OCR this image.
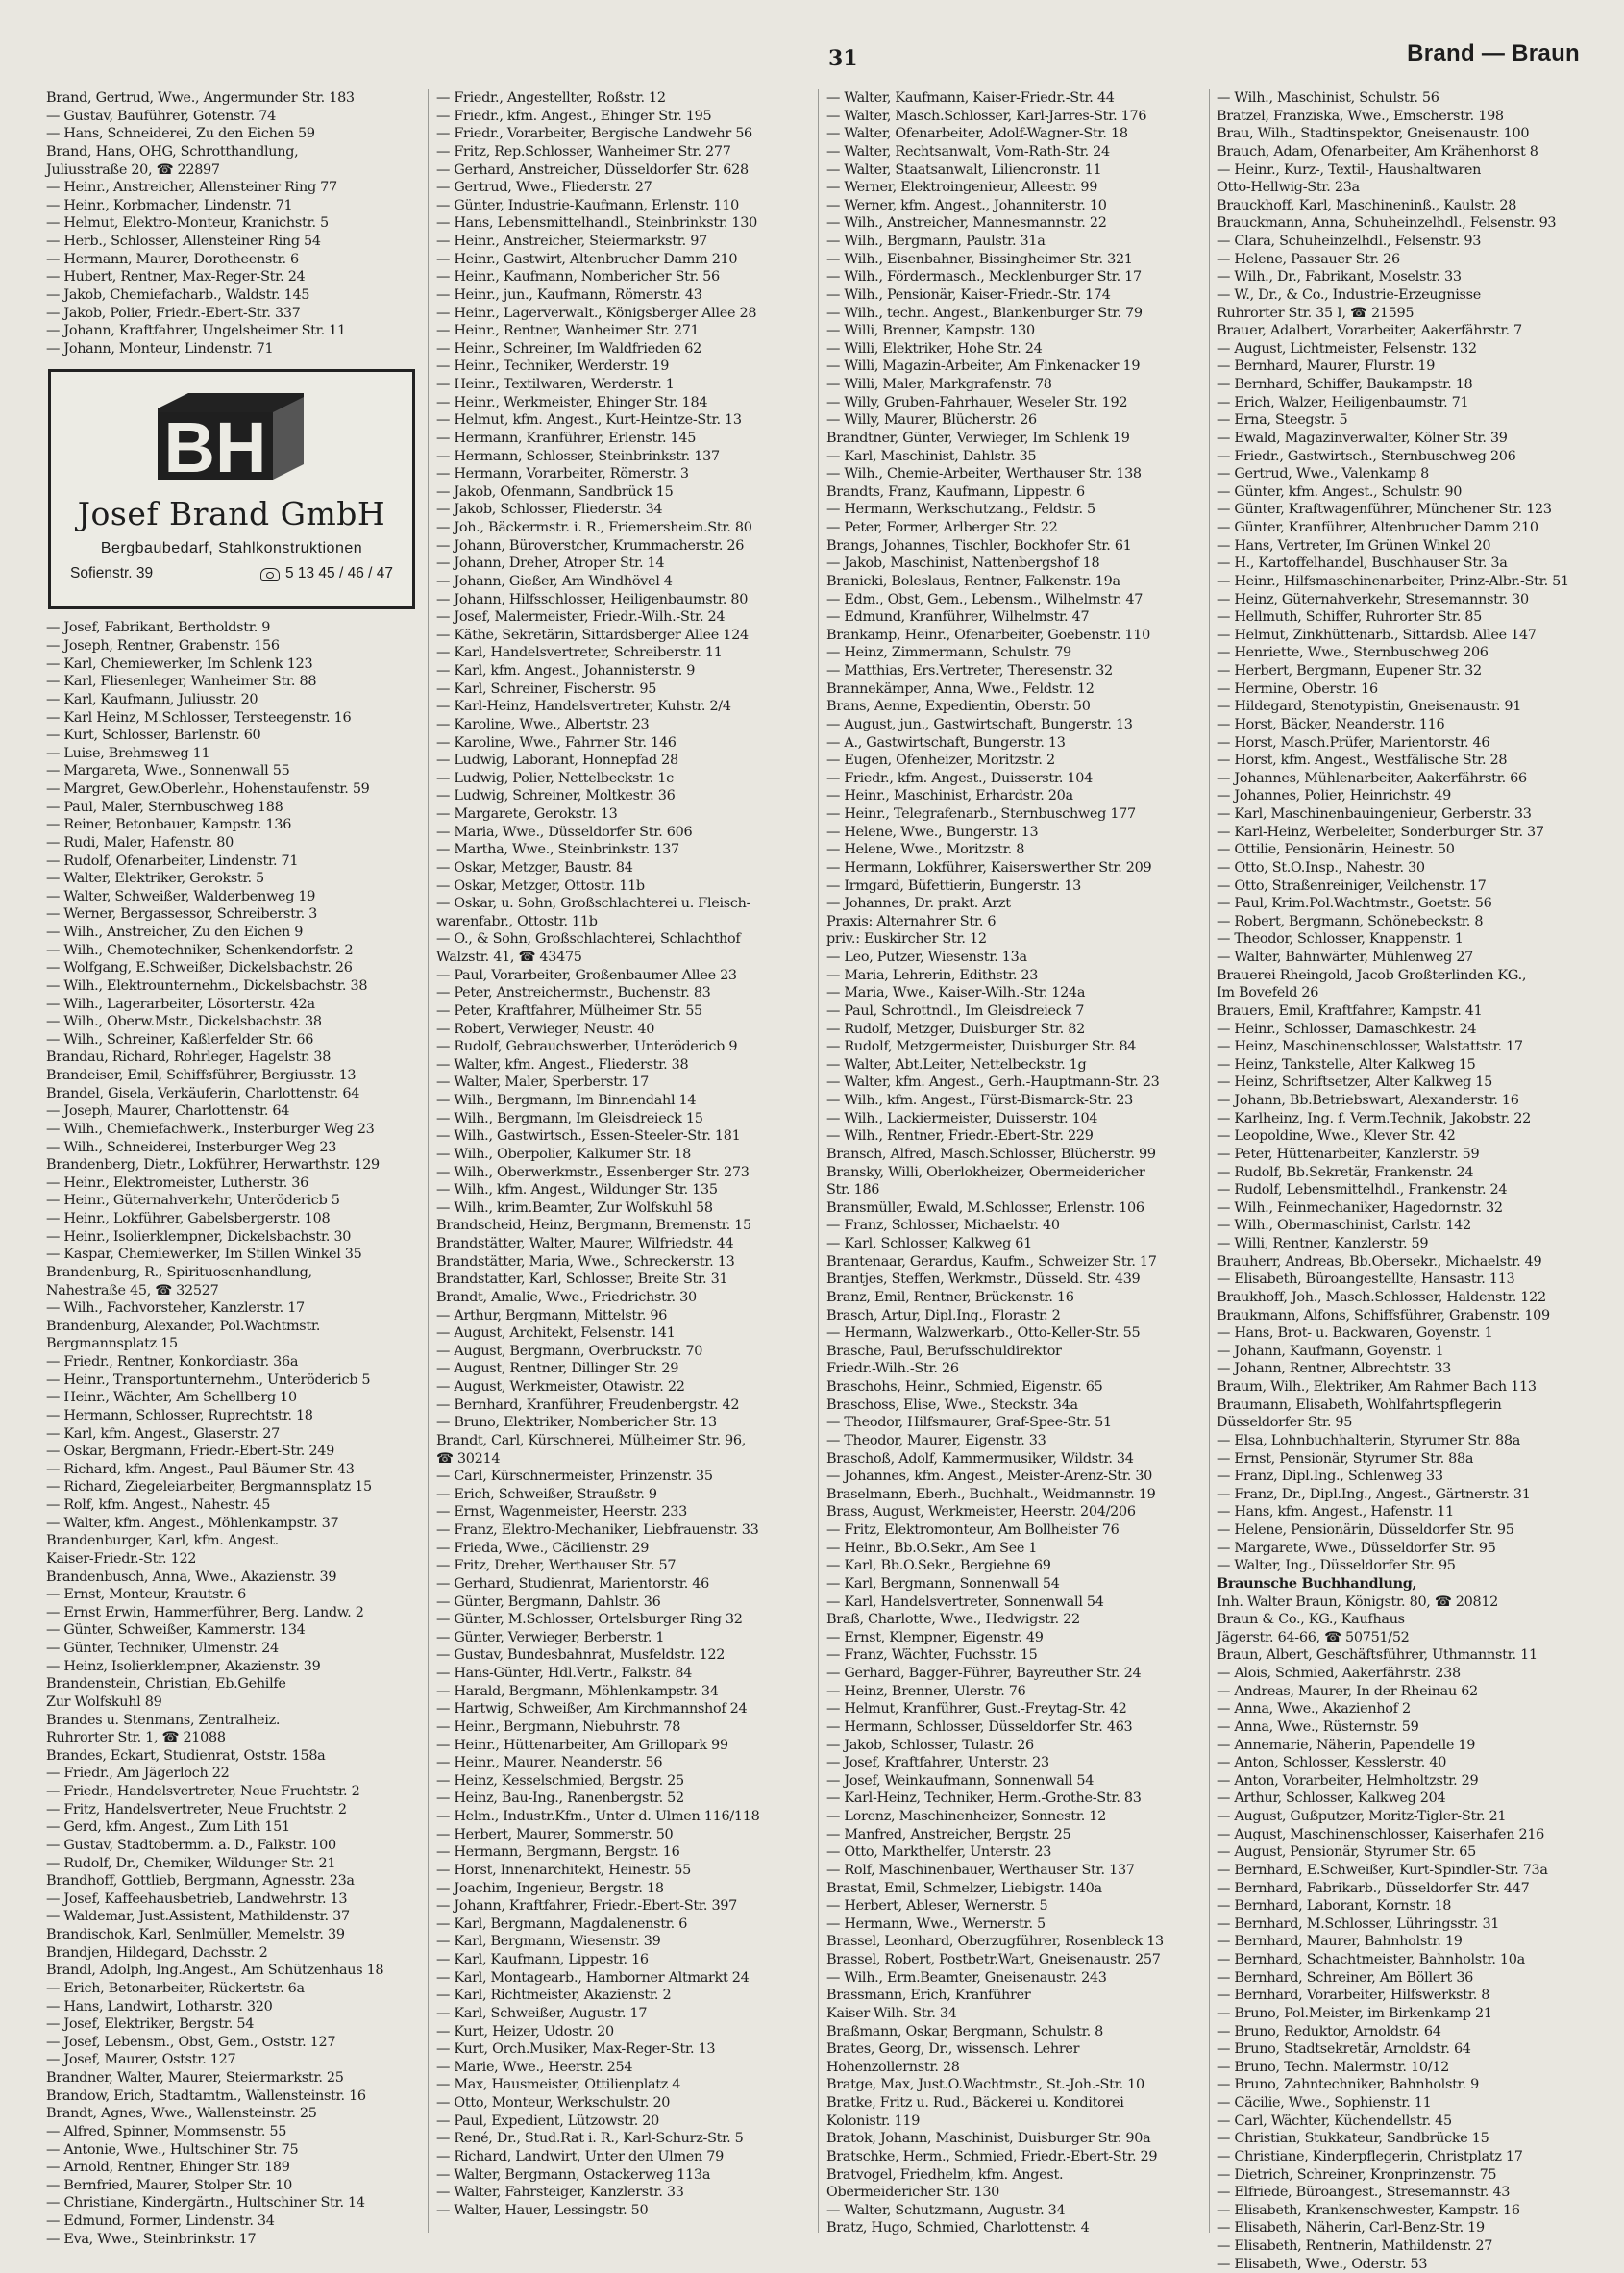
31	Brand — Braun
Brand, Gertrud, Wwe., Angermunder Str. 183
— Gustav, Bauführer, Gotenstr. 74
— Hans, Schneiderei, Zu den Eichen 59
Brand, Hans, OHG, Schrotthandlung,
Juliusstraße 20, ☎ 22897
— Heinr., Anstreicher, Allensteiner Ring 77
— Heinr., Korbmacher, Lindenstr. 71
— Helmut, Elektro-Monteur, Kranichstr. 5
— Herb., Schlosser, Allensteiner Ring 54
— Hermann, Maurer, Dorotheenstr. 6
— Hubert, Rentner, Max-Reger-Str. 24
— Jakob, Chemiefacharb., Waldstr. 145
— Jakob, Polier, Friedr.-Ebert-Str. 337
— Johann, Kraftfahrer, Ungelsheimer Str. 11
— Johann, Monteur, Lindenstr. 71
BH
Josef Brand GmbH
Bergbaubedarf, Stahlkonstruktionen
Sofienstr. 39	5 13 45 / 46 / 47
— Josef, Fabrikant, Bertholdstr. 9
— Joseph, Rentner, Grabenstr. 156
— Karl, Chemiewerker, Im Schlenk 123
— Karl, Fliesenleger, Wanheimer Str. 88
— Karl, Kaufmann, Juliusstr. 20
— Karl Heinz, M.Schlosser, Tersteegenstr. 16
— Kurt, Schlosser, Barlenstr. 60
— Luise, Brehmsweg 11
— Margareta, Wwe., Sonnenwall 55
— Margret, Gew.Oberlehr., Hohenstaufenstr. 59
— Paul, Maler, Sternbuschweg 188
— Reiner, Betonbauer, Kampstr. 136
— Rudi, Maler, Hafenstr. 80
— Rudolf, Ofenarbeiter, Lindenstr. 71
— Walter, Elektriker, Gerokstr. 5
— Walter, Schweißer, Walderbenweg 19
— Werner, Bergassessor, Schreiberstr. 3
— Wilh., Anstreicher, Zu den Eichen 9
— Wilh., Chemotechniker, Schenkendorfstr. 2
— Wolfgang, E.Schweißer, Dickelsbachstr. 26
— Wilh., Elektrounternehm., Dickelsbachstr. 38
— Wilh., Lagerarbeiter, Lösorterstr. 42a
— Wilh., Oberw.Mstr., Dickelsbachstr. 38
— Wilh., Schreiner, Kaßlerfelder Str. 66
Brandau, Richard, Rohrleger, Hagelstr. 38
Brandeiser, Emil, Schiffsführer, Bergiusstr. 13
Brandel, Gisela, Verkäuferin, Charlottenstr. 64
— Joseph, Maurer, Charlottenstr. 64
— Wilh., Chemiefachwerk., Insterburger Weg 23
— Wilh., Schneiderei, Insterburger Weg 23
Brandenberg, Dietr., Lokführer, Herwarthstr. 129
— Heinr., Elektromeister, Lutherstr. 36
— Heinr., Güternahverkehr, Unterödericb 5
— Heinr., Lokführer, Gabelsbergerstr. 108
— Heinr., Isolierklempner, Dickelsbachstr. 30
— Kaspar, Chemiewerker, Im Stillen Winkel 35
Brandenburg, R., Spirituosenhandlung,
Nahestraße 45, ☎ 32527
— Wilh., Fachvorsteher, Kanzlerstr. 17
Brandenburg, Alexander, Pol.Wachtmstr.
Bergmannsplatz 15
— Friedr., Rentner, Konkordiastr. 36a
— Heinr., Transportunternehm., Unterödericb 5
— Heinr., Wächter, Am Schellberg 10
— Hermann, Schlosser, Ruprechtstr. 18
— Karl, kfm. Angest., Glaserstr. 27
— Oskar, Bergmann, Friedr.-Ebert-Str. 249
— Richard, kfm. Angest., Paul-Bäumer-Str. 43
— Richard, Ziegeleiarbeiter, Bergmannsplatz 15
— Rolf, kfm. Angest., Nahestr. 45
— Walter, kfm. Angest., Möhlenkampstr. 37
Brandenburger, Karl, kfm. Angest.
Kaiser-Friedr.-Str. 122
Brandenbusch, Anna, Wwe., Akazienstr. 39
— Ernst, Monteur, Krautstr. 6
— Ernst Erwin, Hammerführer, Berg. Landw. 2
— Günter, Schweißer, Kammerstr. 134
— Günter, Techniker, Ulmenstr. 24
— Heinz, Isolierklempner, Akazienstr. 39
Brandenstein, Christian, Eb.Gehilfe
Zur Wolfskuhl 89
Brandes u. Stenmans, Zentralheiz.
Ruhrorter Str. 1, ☎ 21088
Brandes, Eckart, Studienrat, Oststr. 158a
— Friedr., Am Jägerloch 22
— Friedr., Handelsvertreter, Neue Fruchtstr. 2
— Fritz, Handelsvertreter, Neue Fruchtstr. 2
— Gerd, kfm. Angest., Zum Lith 151
— Gustav, Stadtobermm. a. D., Falkstr. 100
— Rudolf, Dr., Chemiker, Wildunger Str. 21
Brandhoff, Gottlieb, Bergmann, Agnesstr. 23a
— Josef, Kaffeehausbetrieb, Landwehrstr. 13
— Waldemar, Just.Assistent, Mathildenstr. 37
Brandischok, Karl, Senlmüller, Memelstr. 39
Brandjen, Hildegard, Dachsstr. 2
Brandl, Adolph, Ing.Angest., Am Schützenhaus 18
— Erich, Betonarbeiter, Rückertstr. 6a
— Hans, Landwirt, Lotharstr. 320
— Josef, Elektriker, Bergstr. 54
— Josef, Lebensm., Obst, Gem., Oststr. 127
— Josef, Maurer, Oststr. 127
Brandner, Walter, Maurer, Steiermarkstr. 25
Brandow, Erich, Stadtamtm., Wallensteinstr. 16
Brandt, Agnes, Wwe., Wallensteinstr. 25
— Alfred, Spinner, Mommsenstr. 55
— Antonie, Wwe., Hultschiner Str. 75
— Arnold, Rentner, Ehinger Str. 189
— Bernfried, Maurer, Stolper Str. 10
— Christiane, Kindergärtn., Hultschiner Str. 14
— Edmund, Former, Lindenstr. 34
— Eva, Wwe., Steinbrinkstr. 17
— Friedr., Angestellter, Roßstr. 12
— Friedr., kfm. Angest., Ehinger Str. 195
— Friedr., Vorarbeiter, Bergische Landwehr 56
— Fritz, Rep.Schlosser, Wanheimer Str. 277
— Gerhard, Anstreicher, Düsseldorfer Str. 628
— Gertrud, Wwe., Fliederstr. 27
— Günter, Industrie-Kaufmann, Erlenstr. 110
— Hans, Lebensmittelhandl., Steinbrinkstr. 130
— Heinr., Anstreicher, Steiermarkstr. 97
— Heinr., Gastwirt, Altenbrucher Damm 210
— Heinr., Kaufmann, Nombericher Str. 56
— Heinr., jun., Kaufmann, Römerstr. 43
— Heinr., Lagerverwalt., Königsberger Allee 28
— Heinr., Rentner, Wanheimer Str. 271
— Heinr., Schreiner, Im Waldfrieden 62
— Heinr., Techniker, Werderstr. 19
— Heinr., Textilwaren, Werderstr. 1
— Heinr., Werkmeister, Ehinger Str. 184
— Helmut, kfm. Angest., Kurt-Heintze-Str. 13
— Hermann, Kranführer, Erlenstr. 145
— Hermann, Schlosser, Steinbrinkstr. 137
— Hermann, Vorarbeiter, Römerstr. 3
— Jakob, Ofenmann, Sandbrück 15
— Jakob, Schlosser, Fliederstr. 34
— Joh., Bäckermstr. i. R., Friemersheim.Str. 80
— Johann, Büroverstcher, Krummacherstr. 26
— Johann, Dreher, Atroper Str. 14
— Johann, Gießer, Am Windhövel 4
— Johann, Hilfsschlosser, Heiligenbaumstr. 80
— Josef, Malermeister, Friedr.-Wilh.-Str. 24
— Käthe, Sekretärin, Sittardsberger Allee 124
— Karl, Handelsvertreter, Schreiberstr. 11
— Karl, kfm. Angest., Johannisterstr. 9
— Karl, Schreiner, Fischerstr. 95
— Karl-Heinz, Handelsvertreter, Kuhstr. 2/4
— Karoline, Wwe., Albertstr. 23
— Karoline, Wwe., Fahrner Str. 146
— Ludwig, Laborant, Honnepfad 28
— Ludwig, Polier, Nettelbeckstr. 1c
— Ludwig, Schreiner, Moltkestr. 36
— Margarete, Gerokstr. 13
— Maria, Wwe., Düsseldorfer Str. 606
— Martha, Wwe., Steinbrinkstr. 137
— Oskar, Metzger, Baustr. 84
— Oskar, Metzger, Ottostr. 11b
— Oskar, u. Sohn, Großschlachterei u. Fleisch-
warenfabr., Ottostr. 11b
— O., & Sohn, Großschlachterei, Schlachthof
Walzstr. 41, ☎ 43475
— Paul, Vorarbeiter, Großenbaumer Allee 23
— Peter, Anstreichermstr., Buchenstr. 83
— Peter, Kraftfahrer, Mülheimer Str. 55
— Robert, Verwieger, Neustr. 40
— Rudolf, Gebrauchswerber, Unterödericb 9
— Walter, kfm. Angest., Fliederstr. 38
— Walter, Maler, Sperberstr. 17
— Wilh., Bergmann, Im Binnendahl 14
— Wilh., Bergmann, Im Gleisdreieck 15
— Wilh., Gastwirtsch., Essen-Steeler-Str. 181
— Wilh., Oberpolier, Kalkumer Str. 18
— Wilh., Oberwerkmstr., Essenberger Str. 273
— Wilh., kfm. Angest., Wildunger Str. 135
— Wilh., krim.Beamter, Zur Wolfskuhl 58
Brandscheid, Heinz, Bergmann, Bremenstr. 15
Brandstätter, Walter, Maurer, Wilfriedstr. 44
Brandstätter, Maria, Wwe., Schreckerstr. 13
Brandstatter, Karl, Schlosser, Breite Str. 31
Brandt, Amalie, Wwe., Friedrichstr. 30
— Arthur, Bergmann, Mittelstr. 96
— August, Architekt, Felsenstr. 141
— August, Bergmann, Overbruckstr. 70
— August, Rentner, Dillinger Str. 29
— August, Werkmeister, Otawistr. 22
— Bernhard, Kranführer, Freudenbergstr. 42
— Bruno, Elektriker, Nombericher Str. 13
Brandt, Carl, Kürschnerei, Mülheimer Str. 96,
☎ 30214
— Carl, Kürschnermeister, Prinzenstr. 35
— Erich, Schweißer, Straußstr. 9
— Ernst, Wagenmeister, Heerstr. 233
— Franz, Elektro-Mechaniker, Liebfrauenstr. 33
— Frieda, Wwe., Cäcilienstr. 29
— Fritz, Dreher, Werthauser Str. 57
— Gerhard, Studienrat, Marientorstr. 46
— Günter, Bergmann, Dahlstr. 36
— Günter, M.Schlosser, Ortelsburger Ring 32
— Günter, Verwieger, Berberstr. 1
— Gustav, Bundesbahnrat, Musfeldstr. 122
— Hans-Günter, Hdl.Vertr., Falkstr. 84
— Harald, Bergmann, Möhlenkampstr. 34
— Hartwig, Schweißer, Am Kirchmannshof 24
— Heinr., Bergmann, Niebuhrstr. 78
— Heinr., Hüttenarbeiter, Am Grillopark 99
— Heinr., Maurer, Neanderstr. 56
— Heinz, Kesselschmied, Bergstr. 25
— Heinz, Bau-Ing., Ranenbergstr. 52
— Helm., Industr.Kfm., Unter d. Ulmen 116/118
— Herbert, Maurer, Sommerstr. 50
— Hermann, Bergmann, Bergstr. 16
— Horst, Innenarchitekt, Heinestr. 55
— Joachim, Ingenieur, Bergstr. 18
— Johann, Kraftfahrer, Friedr.-Ebert-Str. 397
— Karl, Bergmann, Magdalenenstr. 6
— Karl, Bergmann, Wiesenstr. 39
— Karl, Kaufmann, Lippestr. 16
— Karl, Montagearb., Hamborner Altmarkt 24
— Karl, Richtmeister, Akazienstr. 2
— Karl, Schweißer, Augustr. 17
— Kurt, Heizer, Udostr. 20
— Kurt, Orch.Musiker, Max-Reger-Str. 13
— Marie, Wwe., Heerstr. 254
— Max, Hausmeister, Ottilienplatz 4
— Otto, Monteur, Werkschulstr. 20
— Paul, Expedient, Lützowstr. 20
— René, Dr., Stud.Rat i. R., Karl-Schurz-Str. 5
— Richard, Landwirt, Unter den Ulmen 79
— Walter, Bergmann, Ostackerweg 113a
— Walter, Fahrsteiger, Kanzlerstr. 33
— Walter, Hauer, Lessingstr. 50
— Walter, Kaufmann, Kaiser-Friedr.-Str. 44
— Walter, Masch.Schlosser, Karl-Jarres-Str. 176
— Walter, Ofenarbeiter, Adolf-Wagner-Str. 18
— Walter, Rechtsanwalt, Vom-Rath-Str. 24
— Walter, Staatsanwalt, Liliencronstr. 11
— Werner, Elektroingenieur, Alleestr. 99
— Werner, kfm. Angest., Johanniterstr. 10
— Wilh., Anstreicher, Mannesmannstr. 22
— Wilh., Bergmann, Paulstr. 31a
— Wilh., Eisenbahner, Bissingheimer Str. 321
— Wilh., Fördermasch., Mecklenburger Str. 17
— Wilh., Pensionär, Kaiser-Friedr.-Str. 174
— Wilh., techn. Angest., Blankenburger Str. 79
— Willi, Brenner, Kampstr. 130
— Willi, Elektriker, Hohe Str. 24
— Willi, Magazin-Arbeiter, Am Finkenacker 19
— Willi, Maler, Markgrafenstr. 78
— Willy, Gruben-Fahrhauer, Weseler Str. 192
— Willy, Maurer, Blücherstr. 26
Brandtner, Günter, Verwieger, Im Schlenk 19
— Karl, Maschinist, Dahlstr. 35
— Wilh., Chemie-Arbeiter, Werthauser Str. 138
Brandts, Franz, Kaufmann, Lippestr. 6
— Hermann, Werkschutzang., Feldstr. 5
— Peter, Former, Arlberger Str. 22
Brangs, Johannes, Tischler, Bockhofer Str. 61
— Jakob, Maschinist, Nattenbergshof 18
Branicki, Boleslaus, Rentner, Falkenstr. 19a
— Edm., Obst, Gem., Lebensm., Wilhelmstr. 47
— Edmund, Kranführer, Wilhelmstr. 47
Brankamp, Heinr., Ofenarbeiter, Goebenstr. 110
— Heinz, Zimmermann, Schulstr. 79
— Matthias, Ers.Vertreter, Theresenstr. 32
Brannekämper, Anna, Wwe., Feldstr. 12
Brans, Aenne, Expedientin, Oberstr. 50
— August, jun., Gastwirtschaft, Bungerstr. 13
— A., Gastwirtschaft, Bungerstr. 13
— Eugen, Ofenheizer, Moritzstr. 2
— Friedr., kfm. Angest., Duisserstr. 104
— Heinr., Maschinist, Erhardstr. 20a
— Heinr., Telegrafenarb., Sternbuschweg 177
— Helene, Wwe., Bungerstr. 13
— Helene, Wwe., Moritzstr. 8
— Hermann, Lokführer, Kaiserswerther Str. 209
— Irmgard, Büfettierin, Bungerstr. 13
— Johannes, Dr. prakt. Arzt
Praxis: Alternahrer Str. 6
priv.: Euskircher Str. 12
— Leo, Putzer, Wiesenstr. 13a
— Maria, Lehrerin, Edithstr. 23
— Maria, Wwe., Kaiser-Wilh.-Str. 124a
— Paul, Schrottndl., Im Gleisdreieck 7
— Rudolf, Metzger, Duisburger Str. 82
— Rudolf, Metzgermeister, Duisburger Str. 84
— Walter, Abt.Leiter, Nettelbeckstr. 1g
— Walter, kfm. Angest., Gerh.-Hauptmann-Str. 23
— Wilh., kfm. Angest., Fürst-Bismarck-Str. 23
— Wilh., Lackiermeister, Duisserstr. 104
— Wilh., Rentner, Friedr.-Ebert-Str. 229
Bransch, Alfred, Masch.Schlosser, Blücherstr. 99
Bransky, Willi, Oberlokheizer, Obermeidericher
Str. 186
Bransmüller, Ewald, M.Schlosser, Erlenstr. 106
— Franz, Schlosser, Michaelstr. 40
— Karl, Schlosser, Kalkweg 61
Brantenaar, Gerardus, Kaufm., Schweizer Str. 17
Brantjes, Steffen, Werkmstr., Düsseld. Str. 439
Branz, Emil, Rentner, Brückenstr. 16
Brasch, Artur, Dipl.Ing., Florastr. 2
— Hermann, Walzwerkarb., Otto-Keller-Str. 55
Brasche, Paul, Berufsschuldirektor
Friedr.-Wilh.-Str. 26
Braschohs, Heinr., Schmied, Eigenstr. 65
Braschoss, Elise, Wwe., Steckstr. 34a
— Theodor, Hilfsmaurer, Graf-Spee-Str. 51
— Theodor, Maurer, Eigenstr. 33
Braschoß, Adolf, Kammermusiker, Wildstr. 34
— Johannes, kfm. Angest., Meister-Arenz-Str. 30
Braselmann, Eberh., Buchhalt., Weidmannstr. 19
Brass, August, Werkmeister, Heerstr. 204/206
— Fritz, Elektromonteur, Am Bollheister 76
— Heinr., Bb.O.Sekr., Am See 1
— Karl, Bb.O.Sekr., Bergiehne 69
— Karl, Bergmann, Sonnenwall 54
— Karl, Handelsvertreter, Sonnenwall 54
Braß, Charlotte, Wwe., Hedwigstr. 22
— Ernst, Klempner, Eigenstr. 49
— Franz, Wächter, Fuchsstr. 15
— Gerhard, Bagger-Führer, Bayreuther Str. 24
— Heinz, Brenner, Ulerstr. 76
— Helmut, Kranführer, Gust.-Freytag-Str. 42
— Hermann, Schlosser, Düsseldorfer Str. 463
— Jakob, Schlosser, Tulastr. 26
— Josef, Kraftfahrer, Unterstr. 23
— Josef, Weinkaufmann, Sonnenwall 54
— Karl-Heinz, Techniker, Herm.-Grothe-Str. 83
— Lorenz, Maschinenheizer, Sonnestr. 12
— Manfred, Anstreicher, Bergstr. 25
— Otto, Markthelfer, Unterstr. 23
— Rolf, Maschinenbauer, Werthauser Str. 137
Brastat, Emil, Schmelzer, Liebigstr. 140a
— Herbert, Ableser, Wernerstr. 5
— Hermann, Wwe., Wernerstr. 5
Brassel, Leonhard, Oberzugführer, Rosenbleck 13
Brassel, Robert, Postbetr.Wart, Gneisenaustr. 257
— Wilh., Erm.Beamter, Gneisenaustr. 243
Brassmann, Erich, Kranführer
Kaiser-Wilh.-Str. 34
Braßmann, Oskar, Bergmann, Schulstr. 8
Brates, Georg, Dr., wissensch. Lehrer
Hohenzollernstr. 28
Bratge, Max, Just.O.Wachtmstr., St.-Joh.-Str. 10
Bratke, Fritz u. Rud., Bäckerei u. Konditorei
Kolonistr. 119
Bratok, Johann, Maschinist, Duisburger Str. 90a
Bratschke, Herm., Schmied, Friedr.-Ebert-Str. 29
Bratvogel, Friedhelm, kfm. Angest.
Obermeidericher Str. 130
— Walter, Schutzmann, Augustr. 34
Bratz, Hugo, Schmied, Charlottenstr. 4
— Wilh., Maschinist, Schulstr. 56
Bratzel, Franziska, Wwe., Emscherstr. 198
Brau, Wilh., Stadtinspektor, Gneisenaustr. 100
Brauch, Adam, Ofenarbeiter, Am Krähenhorst 8
— Heinr., Kurz-, Textil-, Haushaltwaren
Otto-Hellwig-Str. 23a
Brauckhoff, Karl, Maschineninß., Kaulstr. 28
Brauckmann, Anna, Schuheinzelhdl., Felsenstr. 93
— Clara, Schuheinzelhdl., Felsenstr. 93
— Helene, Passauer Str. 26
— Wilh., Dr., Fabrikant, Moselstr. 33
— W., Dr., & Co., Industrie-Erzeugnisse
Ruhrorter Str. 35 I, ☎ 21595
Brauer, Adalbert, Vorarbeiter, Aakerfährstr. 7
— August, Lichtmeister, Felsenstr. 132
— Bernhard, Maurer, Flurstr. 19
— Bernhard, Schiffer, Baukampstr. 18
— Erich, Walzer, Heiligenbaumstr. 71
— Erna, Steegstr. 5
— Ewald, Magazinverwalter, Kölner Str. 39
— Friedr., Gastwirtsch., Sternbuschweg 206
— Gertrud, Wwe., Valenkamp 8
— Günter, kfm. Angest., Schulstr. 90
— Günter, Kraftwagenführer, Münchener Str. 123
— Günter, Kranführer, Altenbrucher Damm 210
— Hans, Vertreter, Im Grünen Winkel 20
— H., Kartoffelhandel, Buschhauser Str. 3a
— Heinr., Hilfsmaschinenarbeiter, Prinz-Albr.-Str. 51
— Heinz, Güternahverkehr, Stresemannstr. 30
— Hellmuth, Schiffer, Ruhrorter Str. 85
— Helmut, Zinkhüttenarb., Sittardsb. Allee 147
— Henriette, Wwe., Sternbuschweg 206
— Herbert, Bergmann, Eupener Str. 32
— Hermine, Oberstr. 16
— Hildegard, Stenotypistin, Gneisenaustr. 91
— Horst, Bäcker, Neanderstr. 116
— Horst, Masch.Prüfer, Marientorstr. 46
— Horst, kfm. Angest., Westfälische Str. 28
— Johannes, Mühlenarbeiter, Aakerfährstr. 66
— Johannes, Polier, Heinrichstr. 49
— Karl, Maschinenbauingenieur, Gerberstr. 33
— Karl-Heinz, Werbeleiter, Sonderburger Str. 37
— Ottilie, Pensionärin, Heinestr. 50
— Otto, St.O.Insp., Nahestr. 30
— Otto, Straßenreiniger, Veilchenstr. 17
— Paul, Krim.Pol.Wachtmstr., Goetstr. 56
— Robert, Bergmann, Schönebeckstr. 8
— Theodor, Schlosser, Knappenstr. 1
— Walter, Bahnwärter, Mühlenweg 27
Brauerei Rheingold, Jacob Großterlinden KG.,
Im Bovefeld 26
Brauers, Emil, Kraftfahrer, Kampstr. 41
— Heinr., Schlosser, Damaschkestr. 24
— Heinz, Maschinenschlosser, Walstattstr. 17
— Heinz, Tankstelle, Alter Kalkweg 15
— Heinz, Schriftsetzer, Alter Kalkweg 15
— Johann, Bb.Betriebswart, Alexanderstr. 16
— Karlheinz, Ing. f. Verm.Technik, Jakobstr. 22
— Leopoldine, Wwe., Klever Str. 42
— Peter, Hüttenarbeiter, Kanzlerstr. 59
— Rudolf, Bb.Sekretär, Frankenstr. 24
— Rudolf, Lebensmittelhdl., Frankenstr. 24
— Wilh., Feinmechaniker, Hagedornstr. 32
— Wilh., Obermaschinist, Carlstr. 142
— Willi, Rentner, Kanzlerstr. 59
Brauherr, Andreas, Bb.Obersekr., Michaelstr. 49
— Elisabeth, Büroangestellte, Hansastr. 113
Braukhoff, Joh., Masch.Schlosser, Haldenstr. 122
Braukmann, Alfons, Schiffsführer, Grabenstr. 109
— Hans, Brot- u. Backwaren, Goyenstr. 1
— Johann, Kaufmann, Goyenstr. 1
— Johann, Rentner, Albrechtstr. 33
Braum, Wilh., Elektriker, Am Rahmer Bach 113
Braumann, Elisabeth, Wohlfahrtspflegerin
Düsseldorfer Str. 95
— Elsa, Lohnbuchhalterin, Styrumer Str. 88a
— Ernst, Pensionär, Styrumer Str. 88a
— Franz, Dipl.Ing., Schlenweg 33
— Franz, Dr., Dipl.Ing., Angest., Gärtnerstr. 31
— Hans, kfm. Angest., Hafenstr. 11
— Helene, Pensionärin, Düsseldorfer Str. 95
— Margarete, Wwe., Düsseldorfer Str. 95
— Walter, Ing., Düsseldorfer Str. 95
Braunsche Buchhandlung,
Inh. Walter Braun, Königstr. 80, ☎ 20812
Braun & Co., KG., Kaufhaus
Jägerstr. 64-66, ☎ 50751/52
Braun, Albert, Geschäftsführer, Uthmannstr. 11
— Alois, Schmied, Aakerfährstr. 238
— Andreas, Maurer, In der Rheinau 62
— Anna, Wwe., Akazienhof 2
— Anna, Wwe., Rüsternstr. 59
— Annemarie, Näherin, Papendelle 19
— Anton, Schlosser, Kesslerstr. 40
— Anton, Vorarbeiter, Helmholtzstr. 29
— Arthur, Schlosser, Kalkweg 204
— August, Gußputzer, Moritz-Tigler-Str. 21
— August, Maschinenschlosser, Kaiserhafen 216
— August, Pensionär, Styrumer Str. 65
— Bernhard, E.Schweißer, Kurt-Spindler-Str. 73a
— Bernhard, Fabrikarb., Düsseldorfer Str. 447
— Bernhard, Laborant, Kornstr. 18
— Bernhard, M.Schlosser, Lühringsstr. 31
— Bernhard, Maurer, Bahnholstr. 19
— Bernhard, Schachtmeister, Bahnholstr. 10a
— Bernhard, Schreiner, Am Böllert 36
— Bernhard, Vorarbeiter, Hilfswerkstr. 8
— Bruno, Pol.Meister, im Birkenkamp 21
— Bruno, Reduktor, Arnoldstr. 64
— Bruno, Stadtsekretär, Arnoldstr. 64
— Bruno, Techn. Malermstr. 10/12
— Bruno, Zahntechniker, Bahnholstr. 9
— Cäcilie, Wwe., Sophienstr. 11
— Carl, Wächter, Küchendellstr. 45
— Christian, Stukkateur, Sandbrücke 15
— Christiane, Kinderpflegerin, Christplatz 17
— Dietrich, Schreiner, Kronprinzenstr. 75
— Elfriede, Büroangest., Stresemannstr. 43
— Elisabeth, Krankenschwester, Kampstr. 16
— Elisabeth, Näherin, Carl-Benz-Str. 19
— Elisabeth, Rentnerin, Mathildenstr. 27
— Elisabeth, Wwe., Oderstr. 53
